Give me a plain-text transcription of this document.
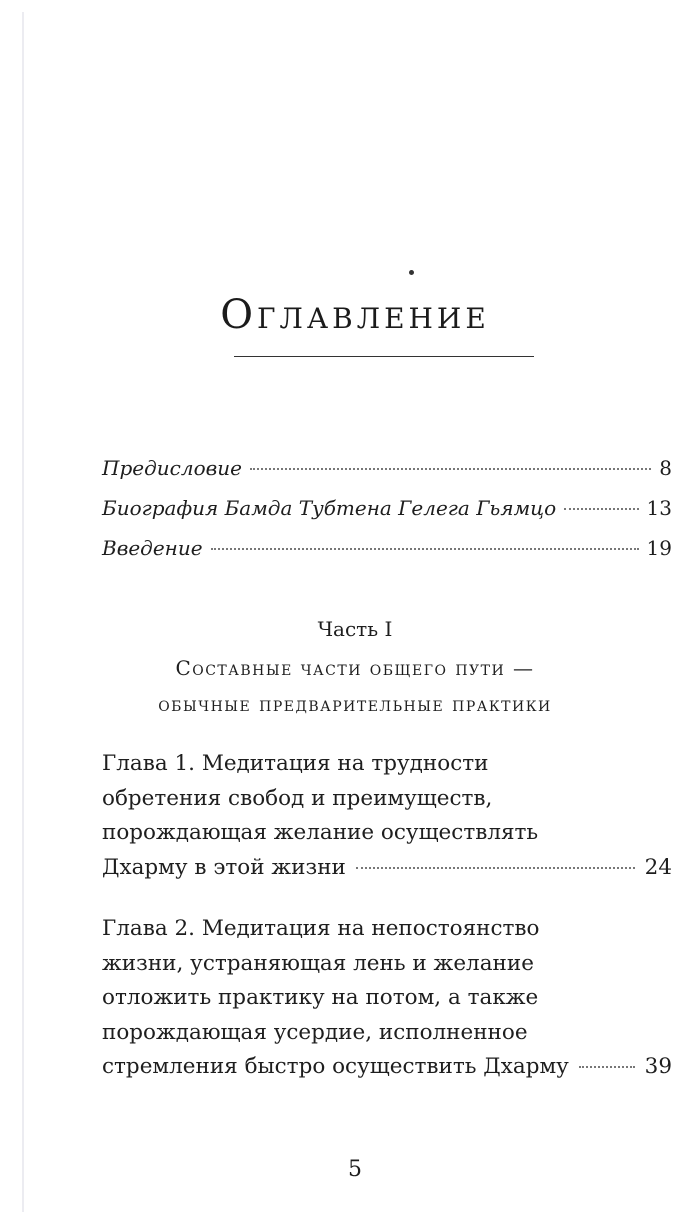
Оглавление
Предисловие	8
Биография Бамда Тубтена Гелега Гьямцо	13
Введение	19
Часть I
Составные части общего пути —
обычные предварительные практики
Глава 1. Медитация на трудности
обретения свобод и преимуществ,
порождающая желание осуществлять
Дхарму в этой жизни	24
Глава 2. Медитация на непостоянство
жизни, устраняющая лень и желание
отложить практику на потом, а также
порождающая усердие, исполненное
стремления быстро осуществить Дхарму	39
5
